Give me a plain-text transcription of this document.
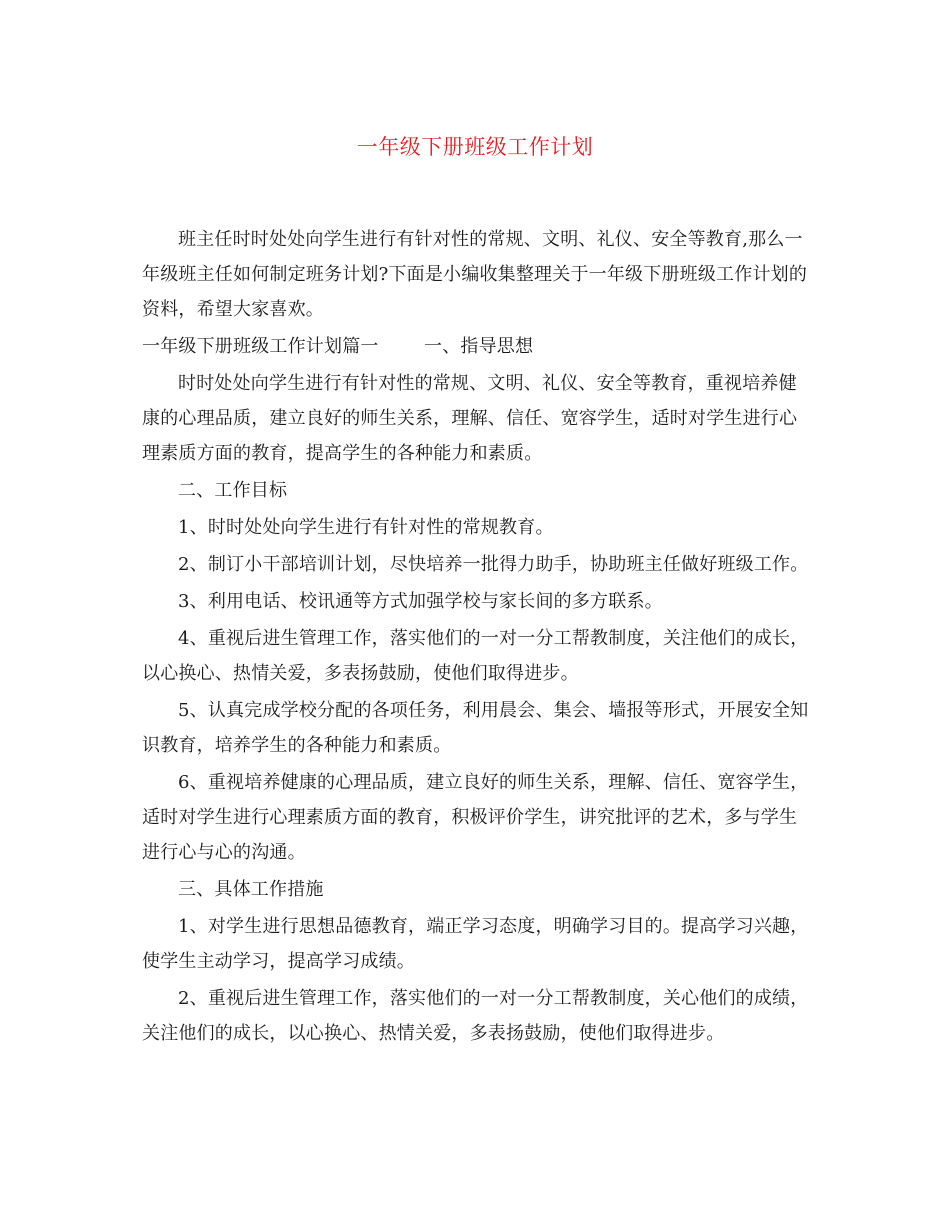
一年级下册班级工作计划

班主任时时处处向学生进行有针对性的常规、文明、礼仪、安全等教育,那么一年级班主任如何制定班务计划?下面是小编收集整理关于一年级下册班级工作计划的资料，希望大家喜欢。

一年级下册班级工作计划篇一	一、指导思想

时时处处向学生进行有针对性的常规、文明、礼仪、安全等教育，重视培养健康的心理品质，建立良好的师生关系，理解、信任、宽容学生，适时对学生进行心理素质方面的教育，提高学生的各种能力和素质。

二、工作目标

1、时时处处向学生进行有针对性的常规教育。

2、制订小干部培训计划，尽快培养一批得力助手，协助班主任做好班级工作。

3、利用电话、校讯通等方式加强学校与家长间的多方联系。

4、重视后进生管理工作，落实他们的一对一分工帮教制度，关注他们的成长，以心换心、热情关爱，多表扬鼓励，使他们取得进步。

5、认真完成学校分配的各项任务，利用晨会、集会、墙报等形式，开展安全知识教育，培养学生的各种能力和素质。

6、重视培养健康的心理品质，建立良好的师生关系，理解、信任、宽容学生，适时对学生进行心理素质方面的教育，积极评价学生，讲究批评的艺术，多与学生进行心与心的沟通。

三、具体工作措施

1、对学生进行思想品德教育，端正学习态度，明确学习目的。提高学习兴趣，使学生主动学习，提高学习成绩。

2、重视后进生管理工作，落实他们的一对一分工帮教制度，关心他们的成绩，关注他们的成长，以心换心、热情关爱，多表扬鼓励，使他们取得进步。
